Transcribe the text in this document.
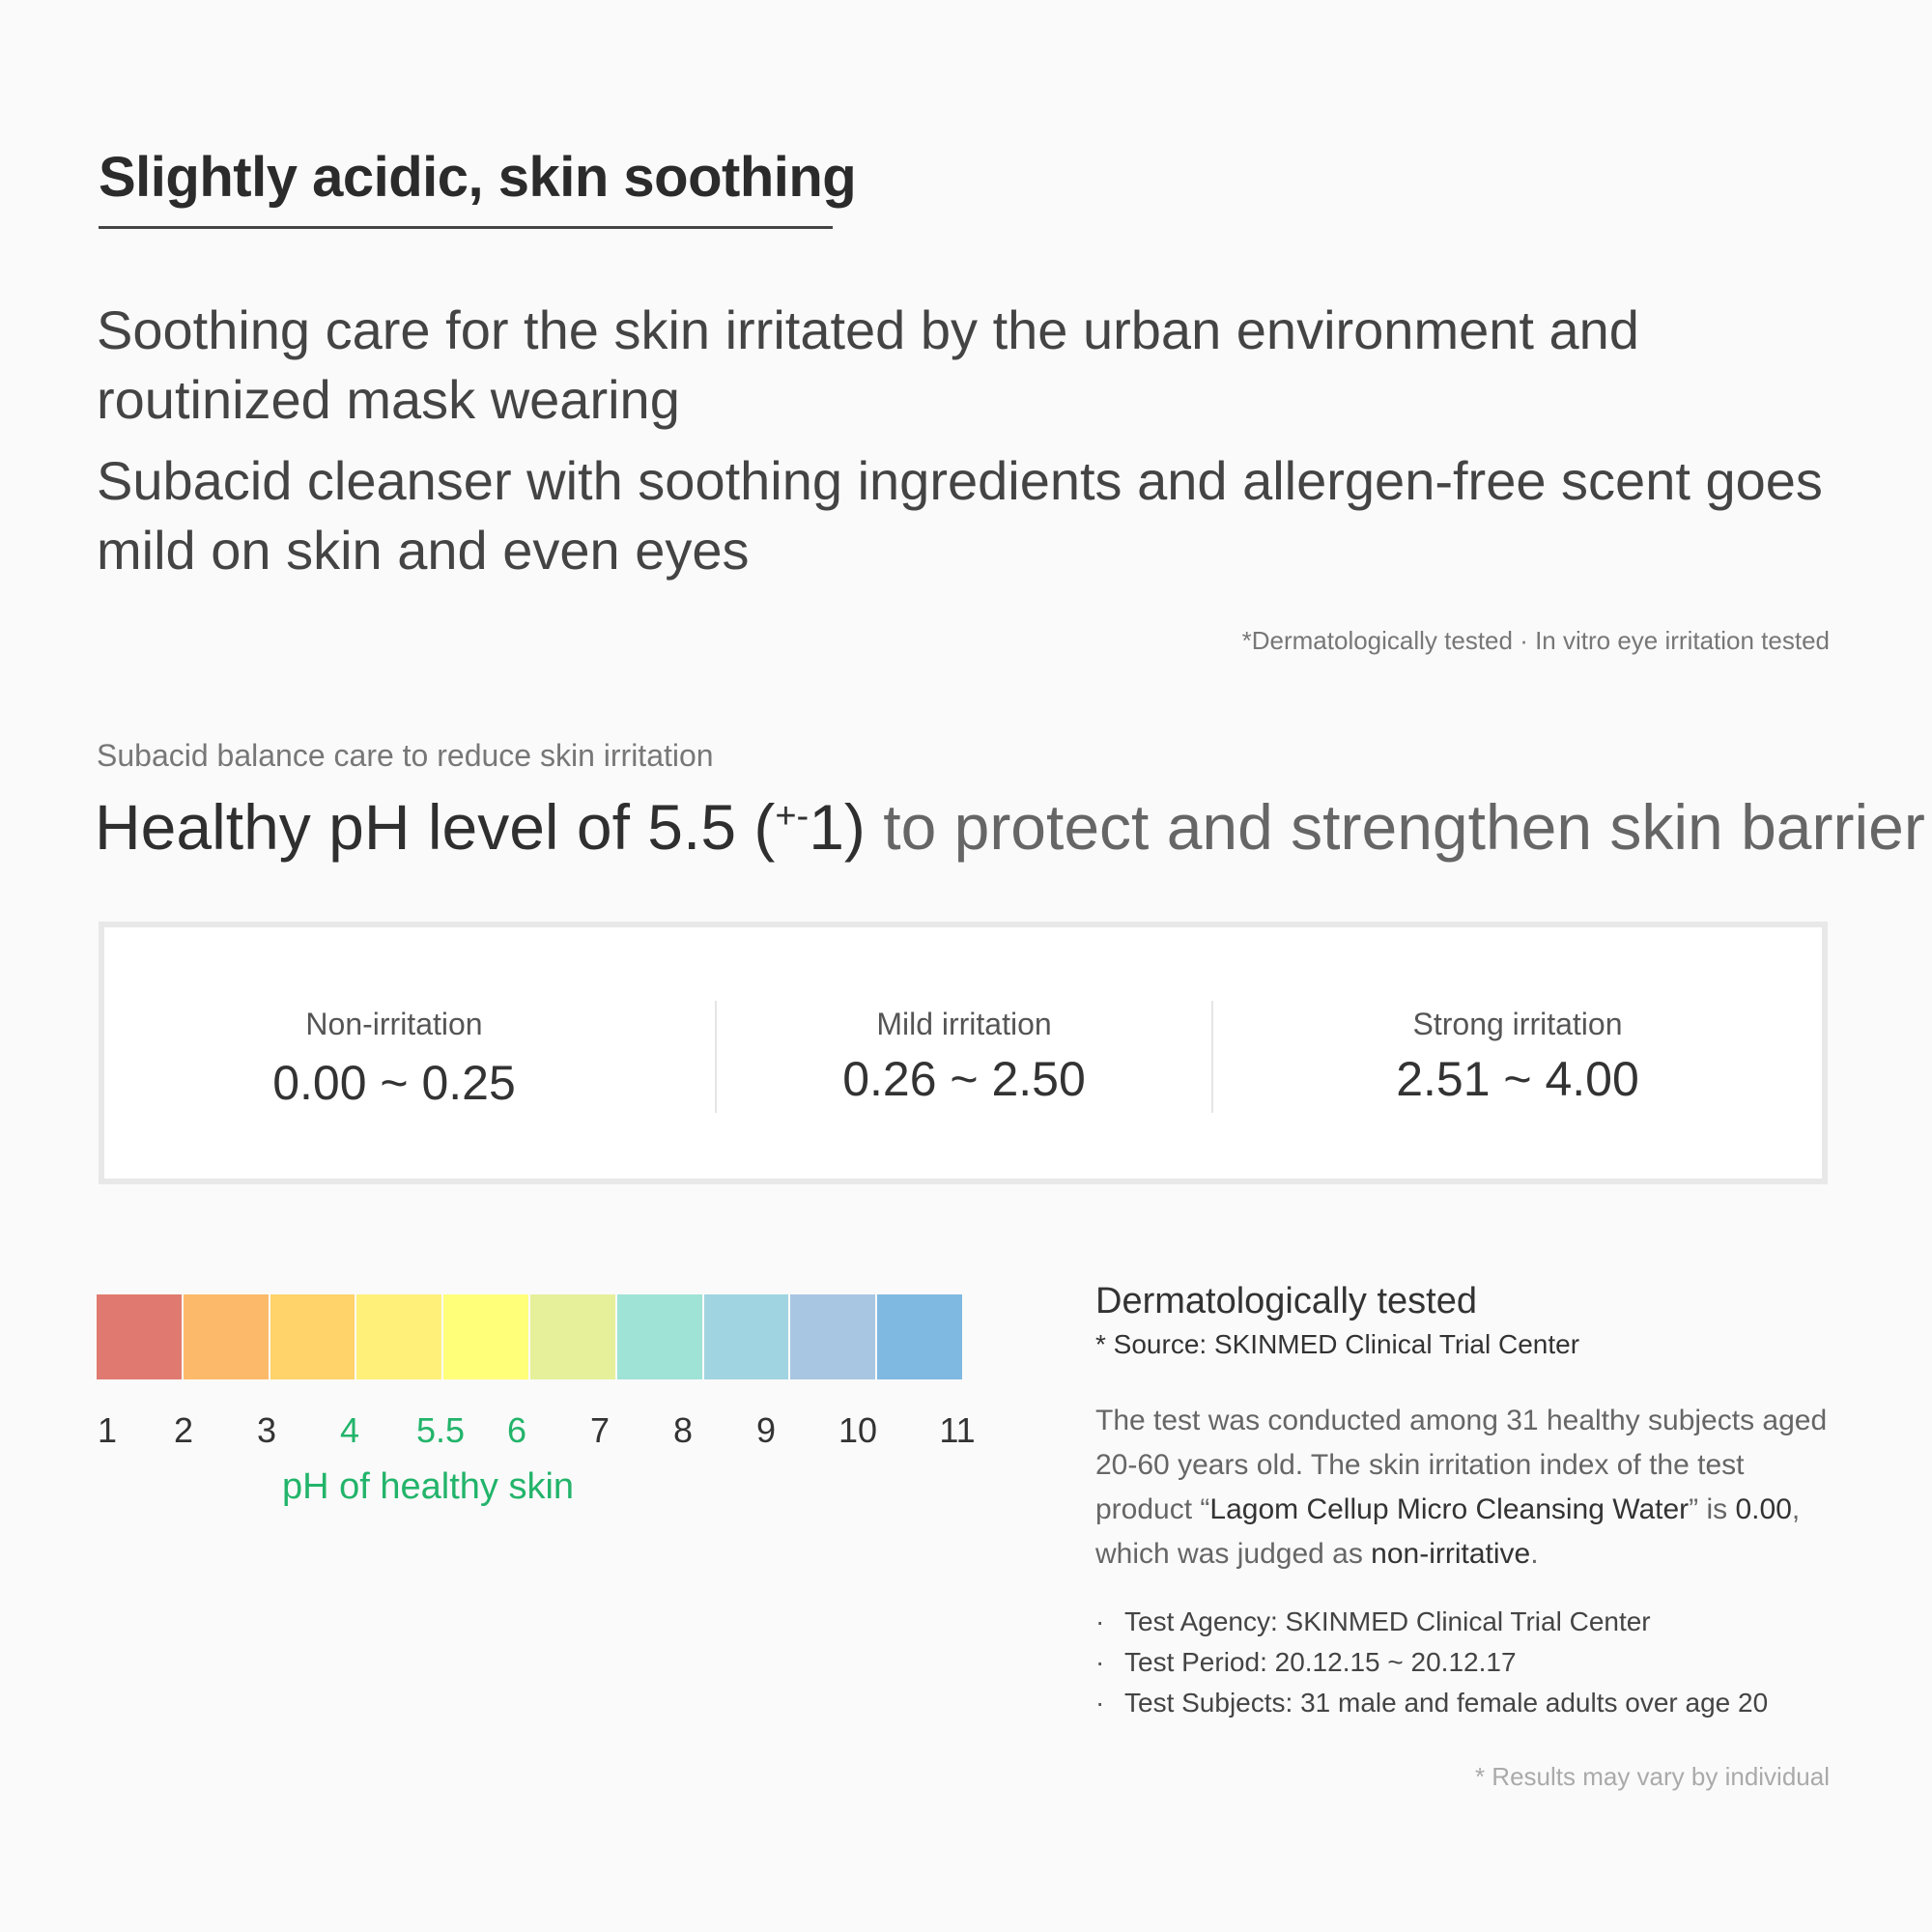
Slightly acidic, skin soothing
Soothing care for the skin irritated by the urban environment and routinized mask wearing
Subacid cleanser with soothing ingredients and allergen-free scent goes mild on skin and even eyes
*Dermatologically tested · In vitro eye irritation tested
Subacid balance care to reduce skin irritation
Healthy pH level of 5.5 (+-1) to protect and strengthen skin barrier
Non-irritation
0.00 ~ 0.25
Mild irritation
0.26 ~ 2.50
Strong irritation
2.51 ~ 4.00
1 2 3 4 5.5 6 7 8 9 10 11
pH of healthy skin
Dermatologically tested
* Source: SKINMED Clinical Trial Center
The test was conducted among 31 healthy subjects aged 20-60 years old. The skin irritation index of the test product “Lagom Cellup Micro Cleansing Water” is 0.00, which was judged as non-irritative.
· Test Agency: SKINMED Clinical Trial Center
· Test Period: 20.12.15 ~ 20.12.17
· Test Subjects: 31 male and female adults over age 20
* Results may vary by individual
